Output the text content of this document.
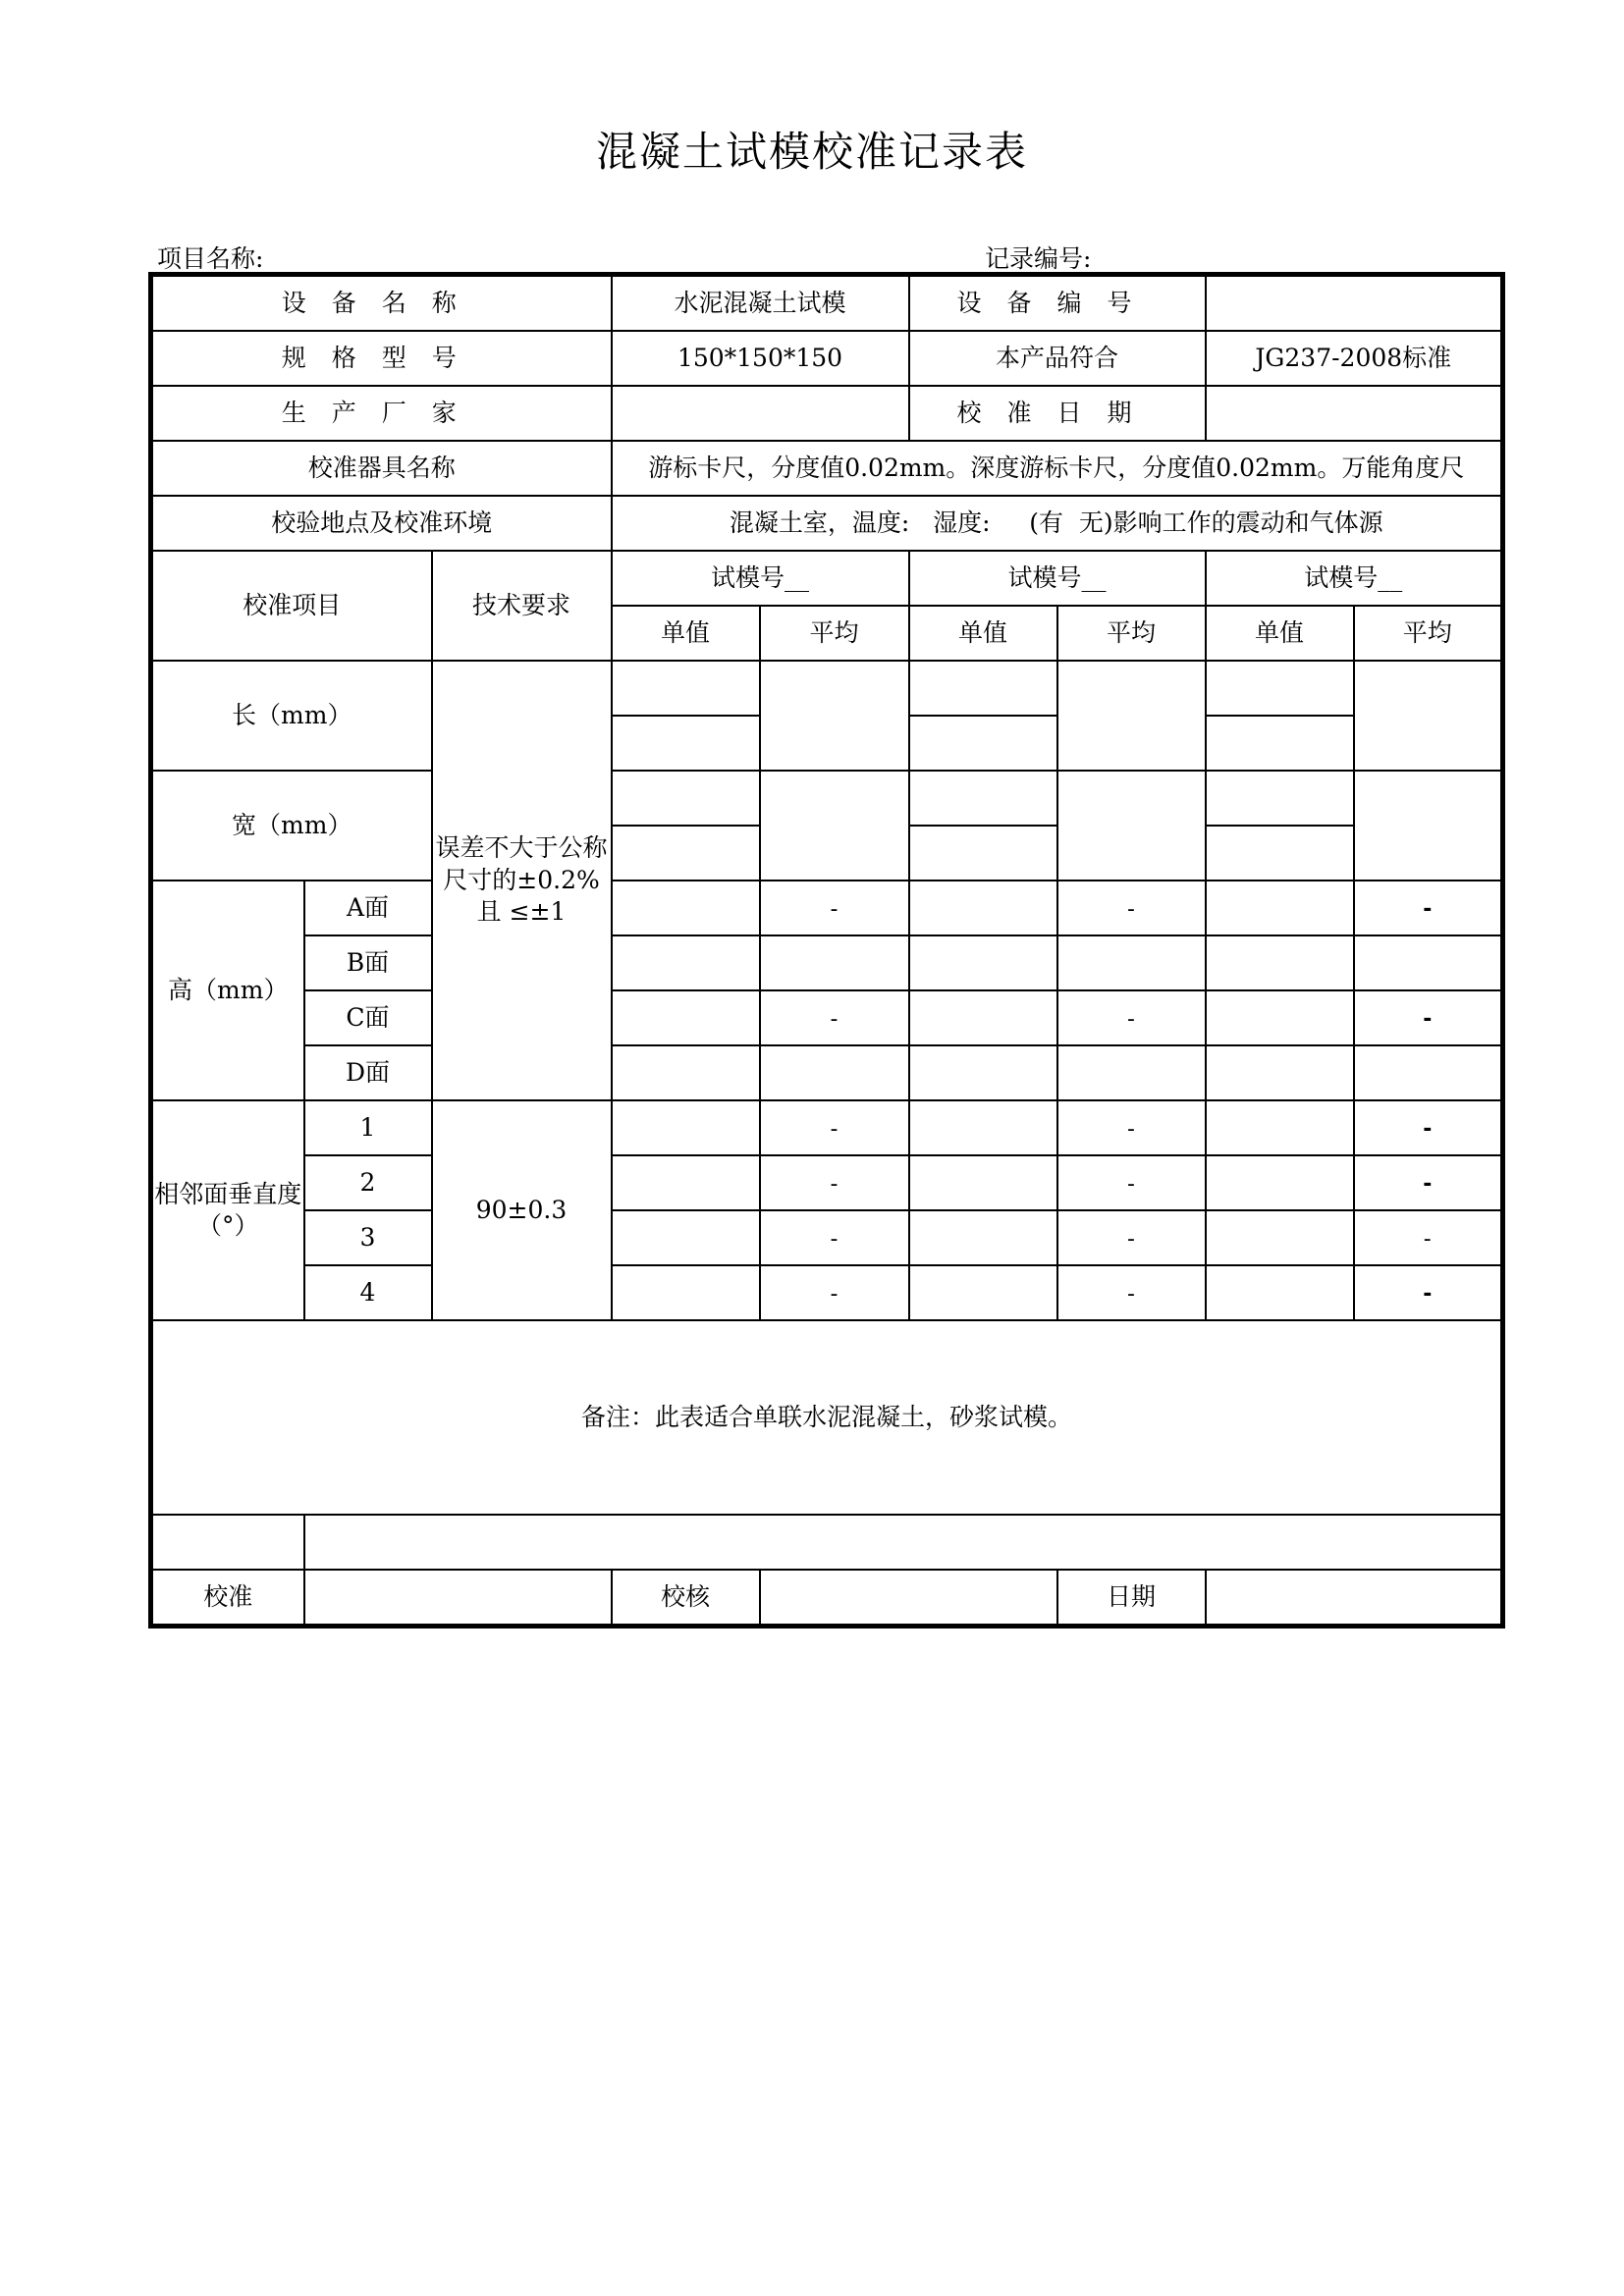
混凝土试模校准记录表
项目名称:	记录编号:
设备名称			水泥混凝土试模		设备编号			
规格型号			150*150*150		本产品符合		JG237-2008标准	
生产厂家					校准日期			
校准器具名称			游标卡尺，分度值0.02mm。深度游标卡尺，分度值0.02mm。万能角度尺					
校验地点及校准环境			混凝土室，温度:   湿度:     (有  无)影响工作的震动和气体源					
校准项目		技术要求	试模号__		试模号__		试模号__	
			单值	平均	单值	平均	单值	平均
长（mm）		误差不大于公称尺寸的±0.2%
且 ≤±1						

宽（mm）								

高（mm）	A面			-		-		-
	B面							
	C面			-		-		-
	D面							
相邻面垂直度（°）	1	90±0.3		-		-		-
	2			-		-		-
	3			-		-		-
	4			-		-		-
备注：此表适合单联水泥混凝土，砂浆试模。								

校准			校核			日期		
